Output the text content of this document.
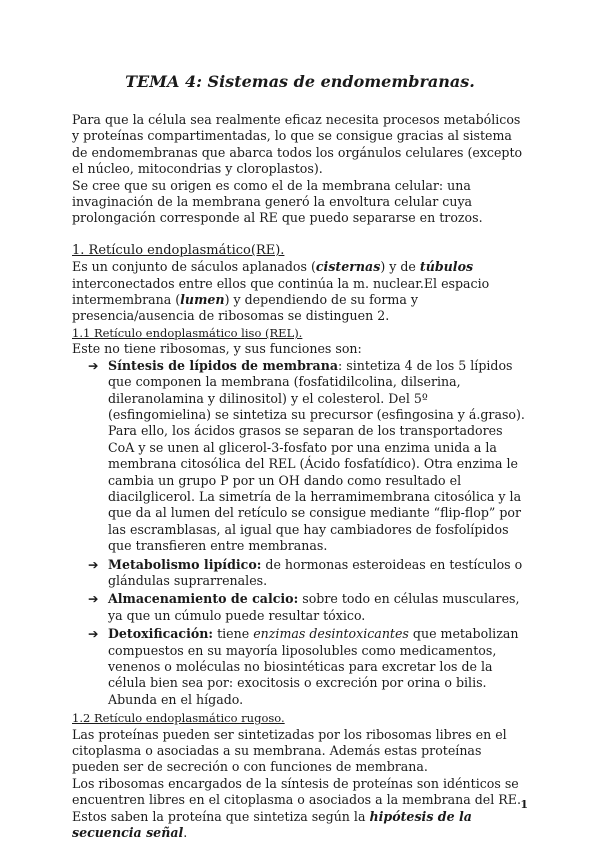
TEMA 4: Sistemas de endomembranas.

Para que la célula sea realmente eficaz necesita procesos metabólicos y proteínas compartimentadas, lo que se consigue gracias al sistema de endomembranas que abarca todos los orgánulos celulares (excepto el núcleo, mitocondrias y cloroplastos).

Se cree que su origen es como el de la membrana celular: una invaginación de la membrana generó la envoltura celular cuya prolongación corresponde al RE que puedo separarse en trozos.

1. Retículo endoplasmático(RE).

Es un conjunto de sáculos aplanados (cisternas) y de túbulos interconectados entre ellos que continúa la m. nuclear.El espacio intermembrana (lumen) y dependiendo de su forma y presencia/ausencia de ribosomas se distinguen 2.

1.1 Retículo endoplasmático liso (REL).

Este no tiene ribosomas, y sus funciones son:

➔ Síntesis de lípidos de membrana: sintetiza 4 de los 5 lípidos que componen la membrana (fosfatidilcolina, dilserina, dileranolamina y dilinositol) y el colesterol. Del 5º (esfingomielina) se sintetiza su precursor (esfingosina y á.graso). Para ello, los ácidos grasos se separan de los transportadores CoA y se unen al glicerol-3-fosfato por una enzima unida a la membrana citosólica del REL (Ácido fosfatídico). Otra enzima le cambia un grupo P por un OH dando como resultado el diacilglicerol. La simetría de la herramimembrana citosólica y la que da al lumen del retículo se consigue mediante “flip-flop” por las escramblasas, al igual que hay cambiadores de fosfolípidos que transfieren entre membranas.
➔ Metabolismo lipídico: de hormonas esteroideas en testículos o glándulas suprarrenales.
➔ Almacenamiento de calcio: sobre todo en células musculares, ya que un cúmulo puede resultar tóxico.
➔ Detoxificación: tiene enzimas desintoxicantes que metabolizan compuestos en su mayoría liposolubles como medicamentos, venenos o moléculas no biosintéticas para excretar los de la célula bien sea por: exocitosis o excreción por orina o bilis. Abunda en el hígado.

1.2 Retículo endoplasmático rugoso.

Las proteínas pueden ser sintetizadas por los ribosomas libres en el citoplasma o asociadas a su membrana. Además estas proteínas pueden ser de secreción o con funciones de membrana.

Los ribosomas encargados de la síntesis de proteínas son idénticos se encuentren libres en el citoplasma o asociados a la membrana del RE. Estos saben la proteína que sintetiza según la hipótesis de la secuencia señal.

1
